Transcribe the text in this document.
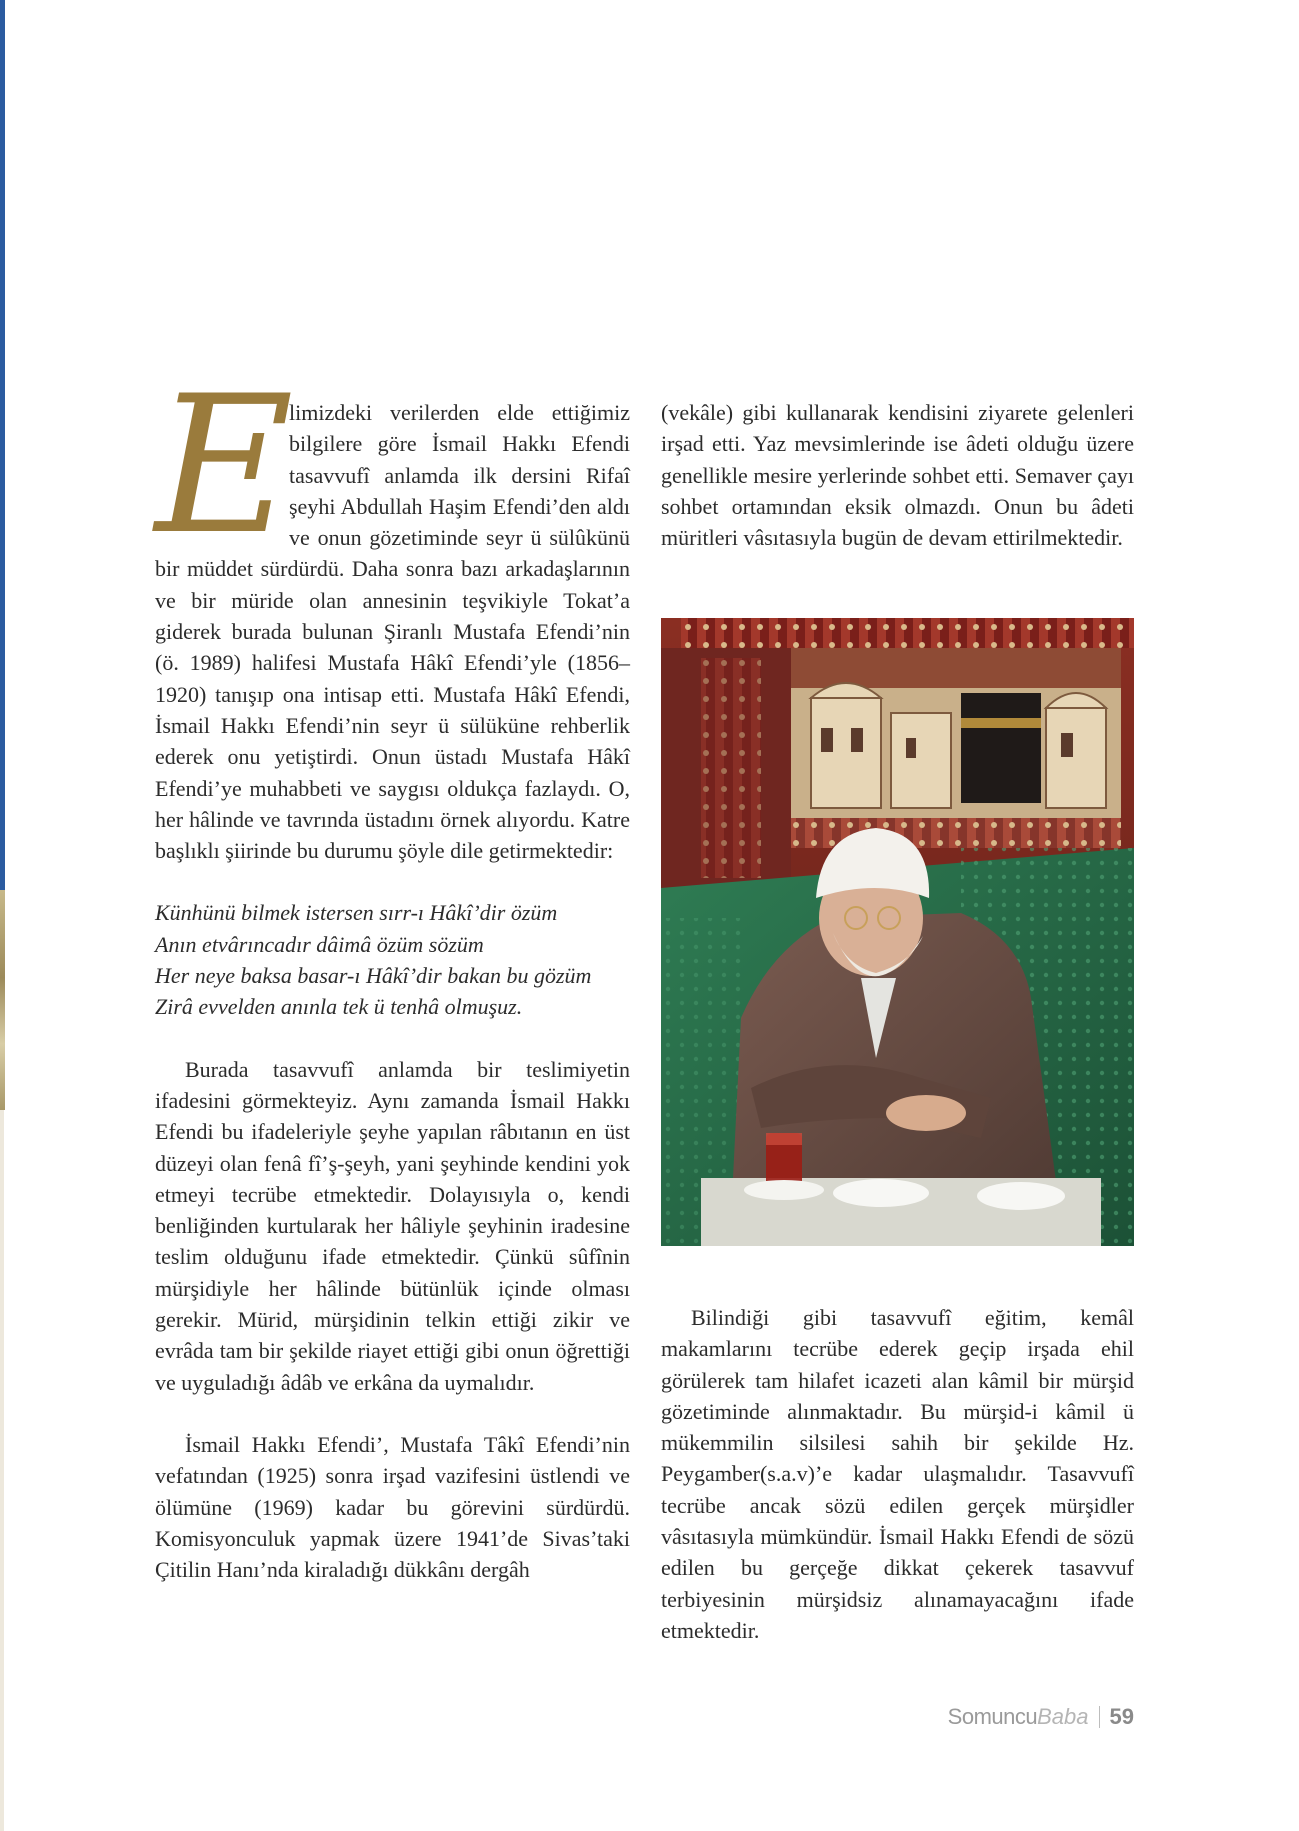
E
limizdeki verilerden elde ettiğimiz bilgilere göre İsmail Hakkı Efendi tasavvufî anlamda ilk dersini Rifaî şeyhi Abdullah Haşim Efendi’den aldı ve onun gözetiminde seyr ü sülûkünü bir müddet sürdürdü. Daha sonra bazı arkadaşlarının ve bir müride olan annesinin teşvikiyle Tokat’a giderek burada bulunan Şiranlı Mustafa Efendi’nin (ö. 1989) halifesi Mustafa Hâkî Efendi’yle (1856–1920) tanışıp ona intisap etti. Mustafa Hâkî Efendi, İsmail Hakkı Efendi’nin seyr ü sülüküne rehberlik ederek onu yetiştirdi. Onun üstadı Mustafa Hâkî Efendi’ye muhabbeti ve saygısı oldukça fazlaydı. O, her hâlinde ve tavrında üstadını örnek alıyordu. Katre başlıklı şiirinde bu durumu şöyle dile getirmektedir:

Künhünü bilmek istersen sırr-ı Hâkî’dir özüm
Anın etvârıncadır dâimâ özüm sözüm
Her neye baksa basar-ı Hâkî’dir bakan bu gözüm
Zirâ evvelden anınla tek ü tenhâ olmuşuz.

Burada tasavvufî anlamda bir teslimiyetin ifadesini görmekteyiz. Aynı zamanda İsmail Hakkı Efendi bu ifadeleriyle şeyhe yapılan râbıtanın en üst düzeyi olan fenâ fî’ş-şeyh, yani şeyhinde kendini yok etmeyi tecrübe etmektedir. Dolayısıyla o, kendi benliğinden kurtularak her hâliyle şeyhinin iradesine teslim olduğunu ifade etmektedir. Çünkü sûfînin mürşidiyle her hâlinde bütünlük içinde olması gerekir. Mürid, mürşidinin telkin ettiği zikir ve evrâda tam bir şekilde riayet ettiği gibi onun öğrettiği ve uyguladığı âdâb ve erkâna da uymalıdır.

İsmail Hakkı Efendi’, Mustafa Tâkî Efendi’nin vefatından (1925) sonra irşad vazifesini üstlendi ve ölümüne (1969) kadar bu görevini sürdürdü. Komisyonculuk yapmak üzere 1941’de Sivas’taki Çitilin Hanı’nda kiraladığı dükkânı dergâh

(vekâle) gibi kullanarak kendisini ziyarete gelenleri irşad etti. Yaz mevsimlerinde ise âdeti olduğu üzere genellikle mesire yerlerinde sohbet etti. Semaver çayı sohbet ortamından eksik olmazdı. Onun bu âdeti müritleri vâsıtasıyla bugün de devam ettirilmektedir.

Bilindiği gibi tasavvufî eğitim, kemâl makamlarını tecrübe ederek geçip irşada ehil görülerek tam hilafet icazeti alan kâmil bir mürşid gözetiminde alınmaktadır. Bu mürşid-i kâmil ü mükemmilin silsilesi sahih bir şekilde Hz. Peygamber(s.a.v)’e kadar ulaşmalıdır. Tasavvufî tecrübe ancak sözü edilen gerçek mürşidler vâsıtasıyla mümkündür. İsmail Hakkı Efendi de sözü edilen bu gerçeğe dikkat çekerek tasavvuf terbiyesinin mürşidsiz alınamayacağını ifade etmektedir.

Somuncu Baba 59
